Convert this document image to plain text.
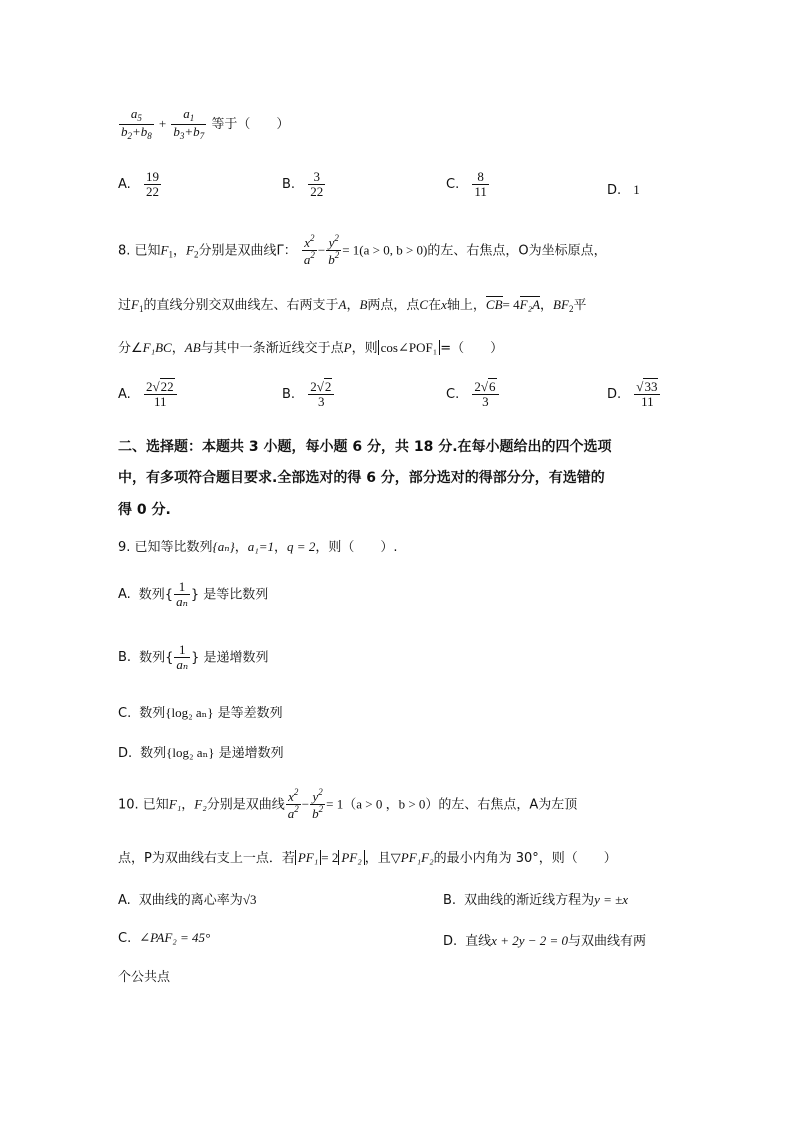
$\frac{a_5}{b_2+b_8} + \frac{a_1}{b_3+b_7}$ 等于（　　）
A. $\frac{19}{22}$	B. $\frac{3}{22}$	C. $\frac{8}{11}$	D. 1
8. 已知$F_1$，$F_2$分别是双曲线Γ： $\frac{x^2}{a^2} - \frac{y^2}{b^2} = 1(a > 0$, b > 0)的左、右焦点，O为坐标原点，
过$F_1$的直线分别交双曲线左、右两支于A，B两点，点C在x轴上，CB= 4F₂A，$BF_2$平
分∠F₁BC，AB与其中一条渐近线交于点P，则 cos∠POF₁ =（　　）
A. $\frac{2√22}{11}$	B. $\frac{2√2}{3}$	C. $\frac{2√6}{3}$	D. $\frac{√33}{11}$
二、选择题：本题共 3 小题，每小题 6 分，共 18 分.在每小题给出的四个选项
中，有多项符合题目要求.全部选对的得 6 分，部分选对的得部分分，有选错的
得 0 分.
9. 已知等比数列{aₙ}，a₁=1，q = 2，则（　　）.
A. 数列{ $\frac{1}{\text{aₙ}}$ } 是等比数列
B. 数列{ $\frac{1}{\text{aₙ}}$ } 是递增数列
C. 数列{log₂ aₙ} 是等差数列
D. 数列{log₂ aₙ} 是递增数列
10. 已知F₁，F₂分别是双曲线 $\frac{x^2}{a^2} - \frac{y^2}{b^2} = 1(a > 0$ ，b > 0）的左、右焦点，A为左顶
点，P为双曲线右支上一点．若 PF₁ = 2 PF₂ ，且▽PF₁F₂的最小内角为 30°，则（　　）
A. 双曲线的离心率为√3	B. 双曲线的渐近线方程为y = ±x
C. ∠PAF₂ = 45°	D. 直线x + 2y − 2 = 0与双曲线有两
个公共点
